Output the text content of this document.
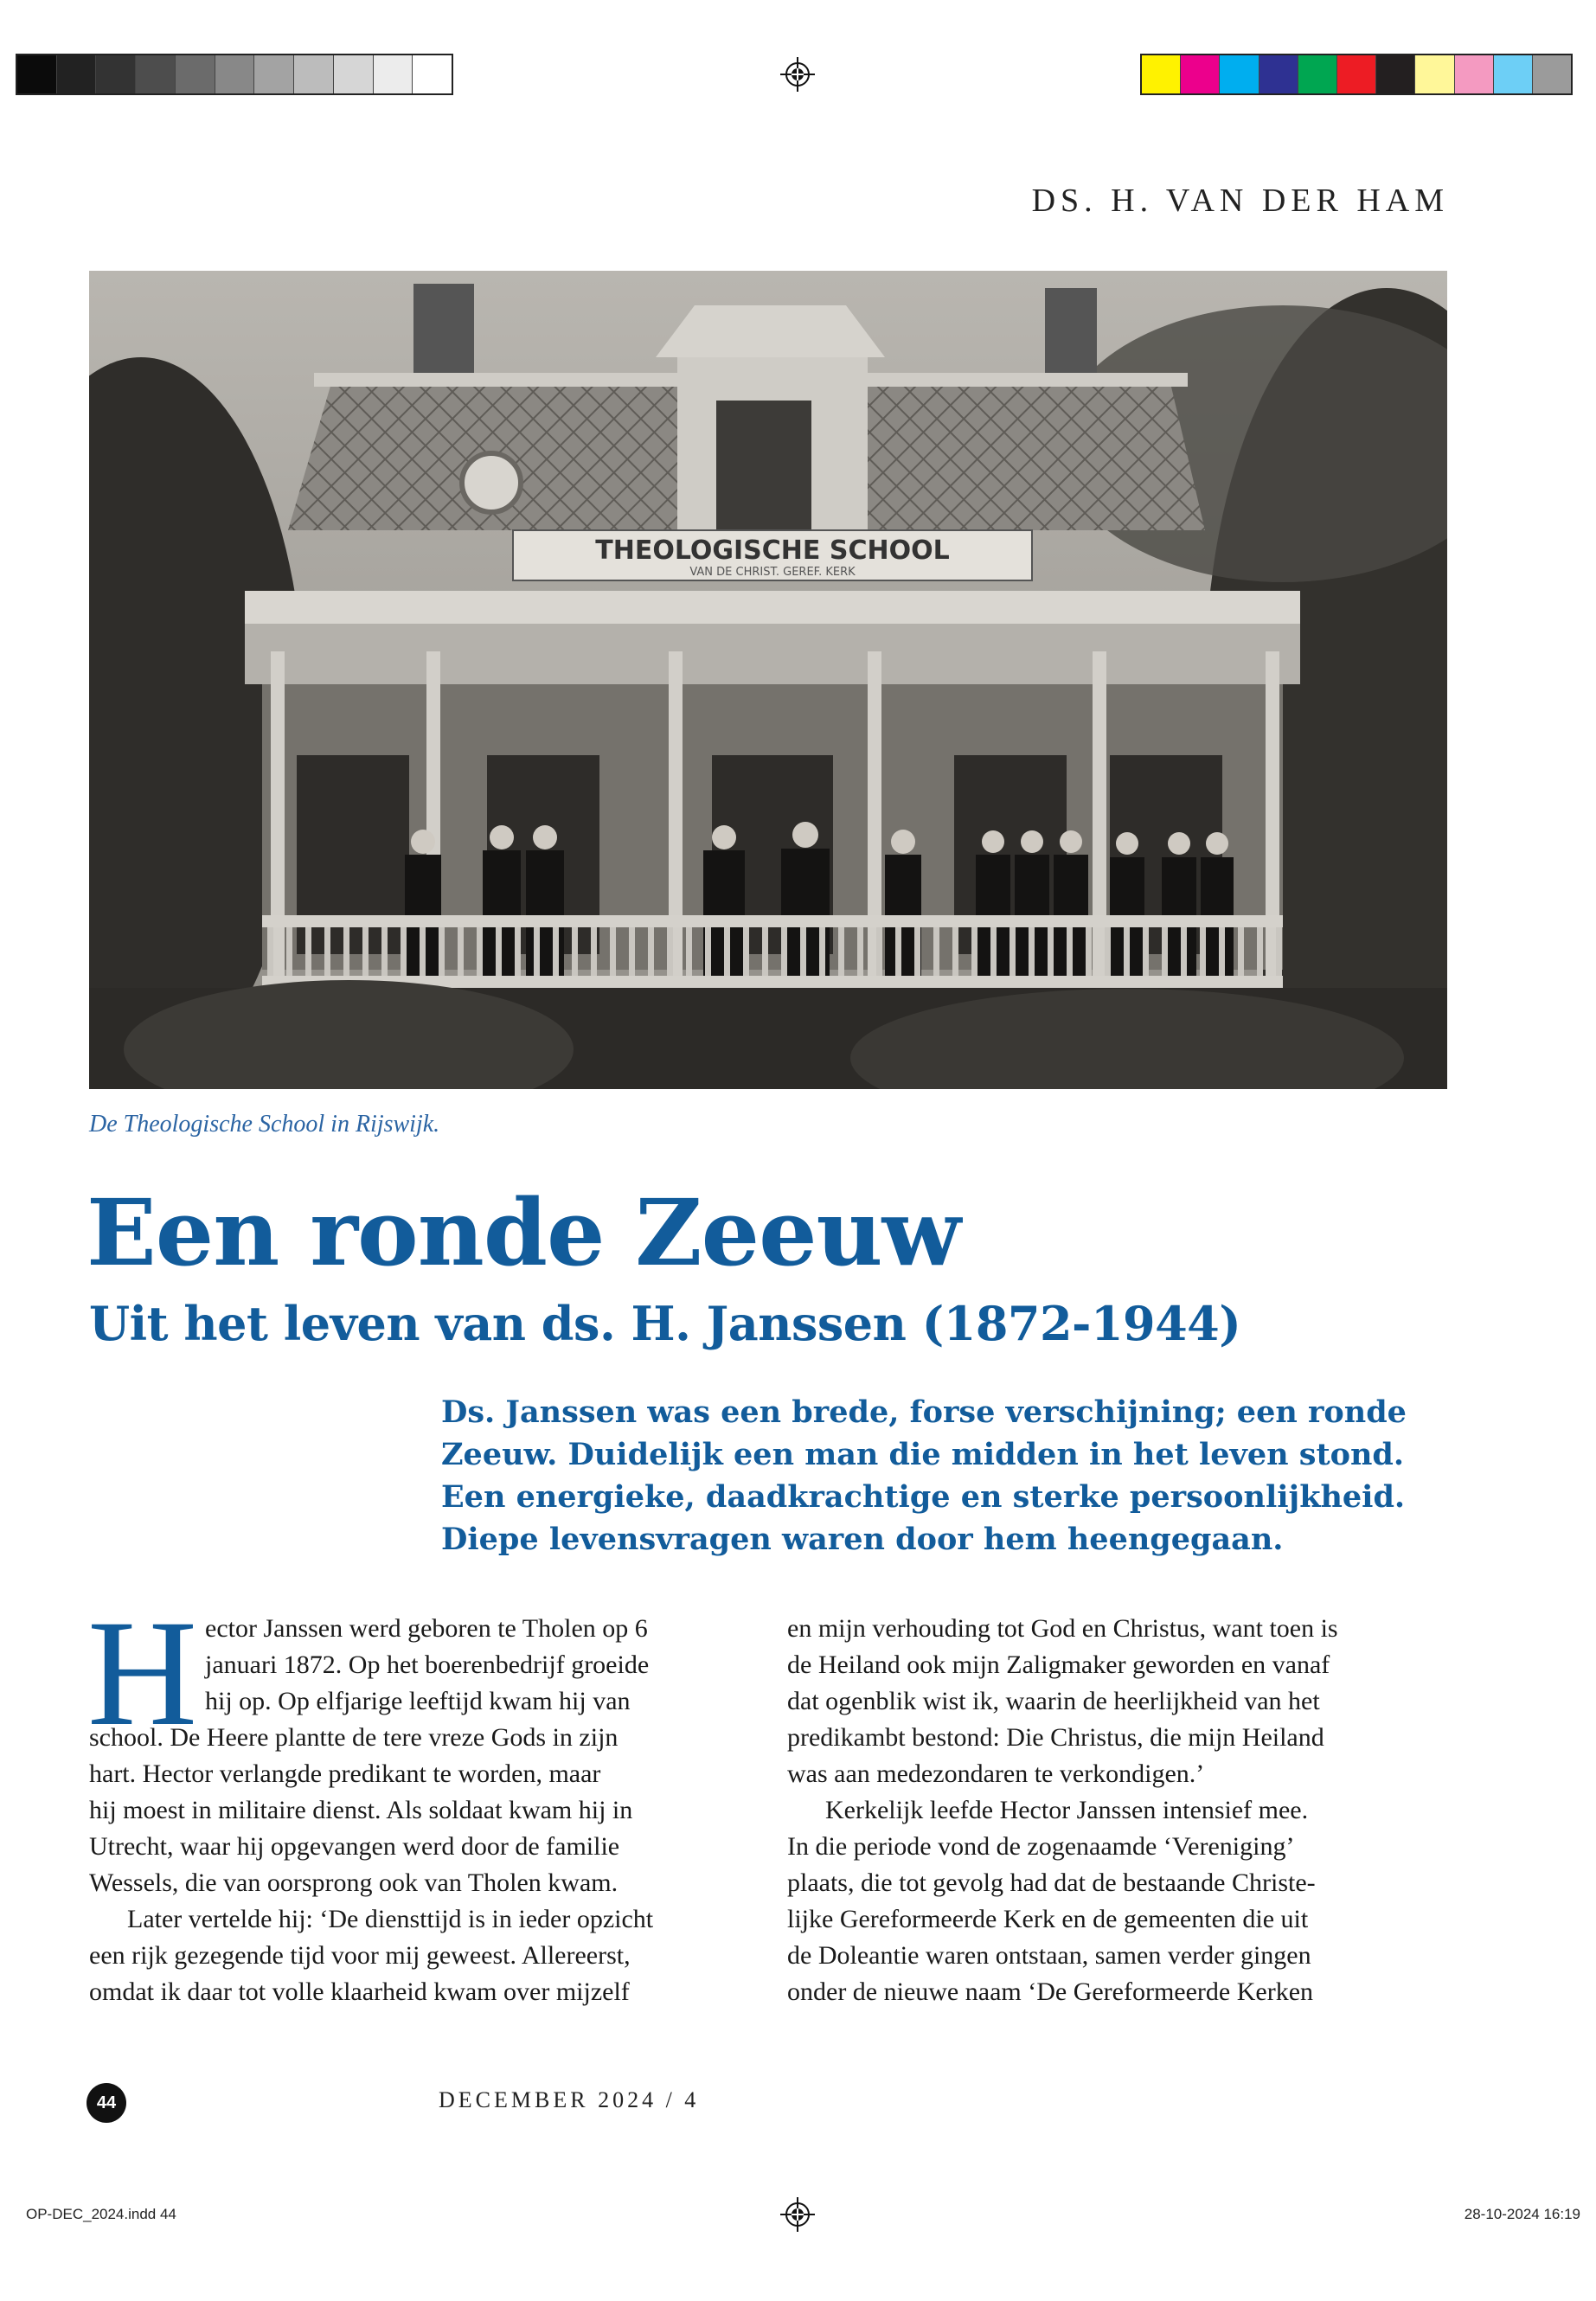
OP-DEC_2024.indd 44	28-10-2024 16:19
DS. H. VAN DER HAM
THEOLOGISCHE SCHOOL
VAN DE CHRIST. GEREF. KERK
De Theologische School in Rijswijk.
Een ronde Zeeuw
Uit het leven van ds. H. Janssen (1872-1944)
Ds. Janssen was een brede, forse verschijning; een ronde
Zeeuw. Duidelijk een man die midden in het leven stond.
Een energieke, daadkrachtige en sterke persoonlijkheid.
Diepe levensvragen waren door hem heengegaan.
H ector Janssen werd geboren te Tholen op 6
januari 1872. Op het boerenbedrijf groeide
hij op. Op elfjarige leeftijd kwam hij van
school. De Heere plantte de tere vreze Gods in zijn
hart. Hector verlangde predikant te worden, maar
hij moest in militaire dienst. Als soldaat kwam hij in
Utrecht, waar hij opgevangen werd door de familie
Wessels, die van oorsprong ook van Tholen kwam.
Later vertelde hij: ‘De diensttijd is in ieder opzicht
een rijk gezegende tijd voor mij geweest. Allereerst,
omdat ik daar tot volle klaarheid kwam over mijzelf
en mijn verhouding tot God en Christus, want toen is
de Heiland ook mijn Zaligmaker geworden en vanaf
dat ogenblik wist ik, waarin de heerlijkheid van het
predikambt bestond: Die Christus, die mijn Heiland
was aan medezondaren te verkondigen.’
Kerkelijk leefde Hector Janssen intensief mee.
In die periode vond de zogenaamde ‘Vereniging’
plaats, die tot gevolg had dat de bestaande Christe-
lijke Gereformeerde Kerk en de gemeenten die uit
de Doleantie waren ontstaan, samen verder gingen
onder de nieuwe naam ‘De Gereformeerde Kerken
44	DECEMBER 2024 / 4
